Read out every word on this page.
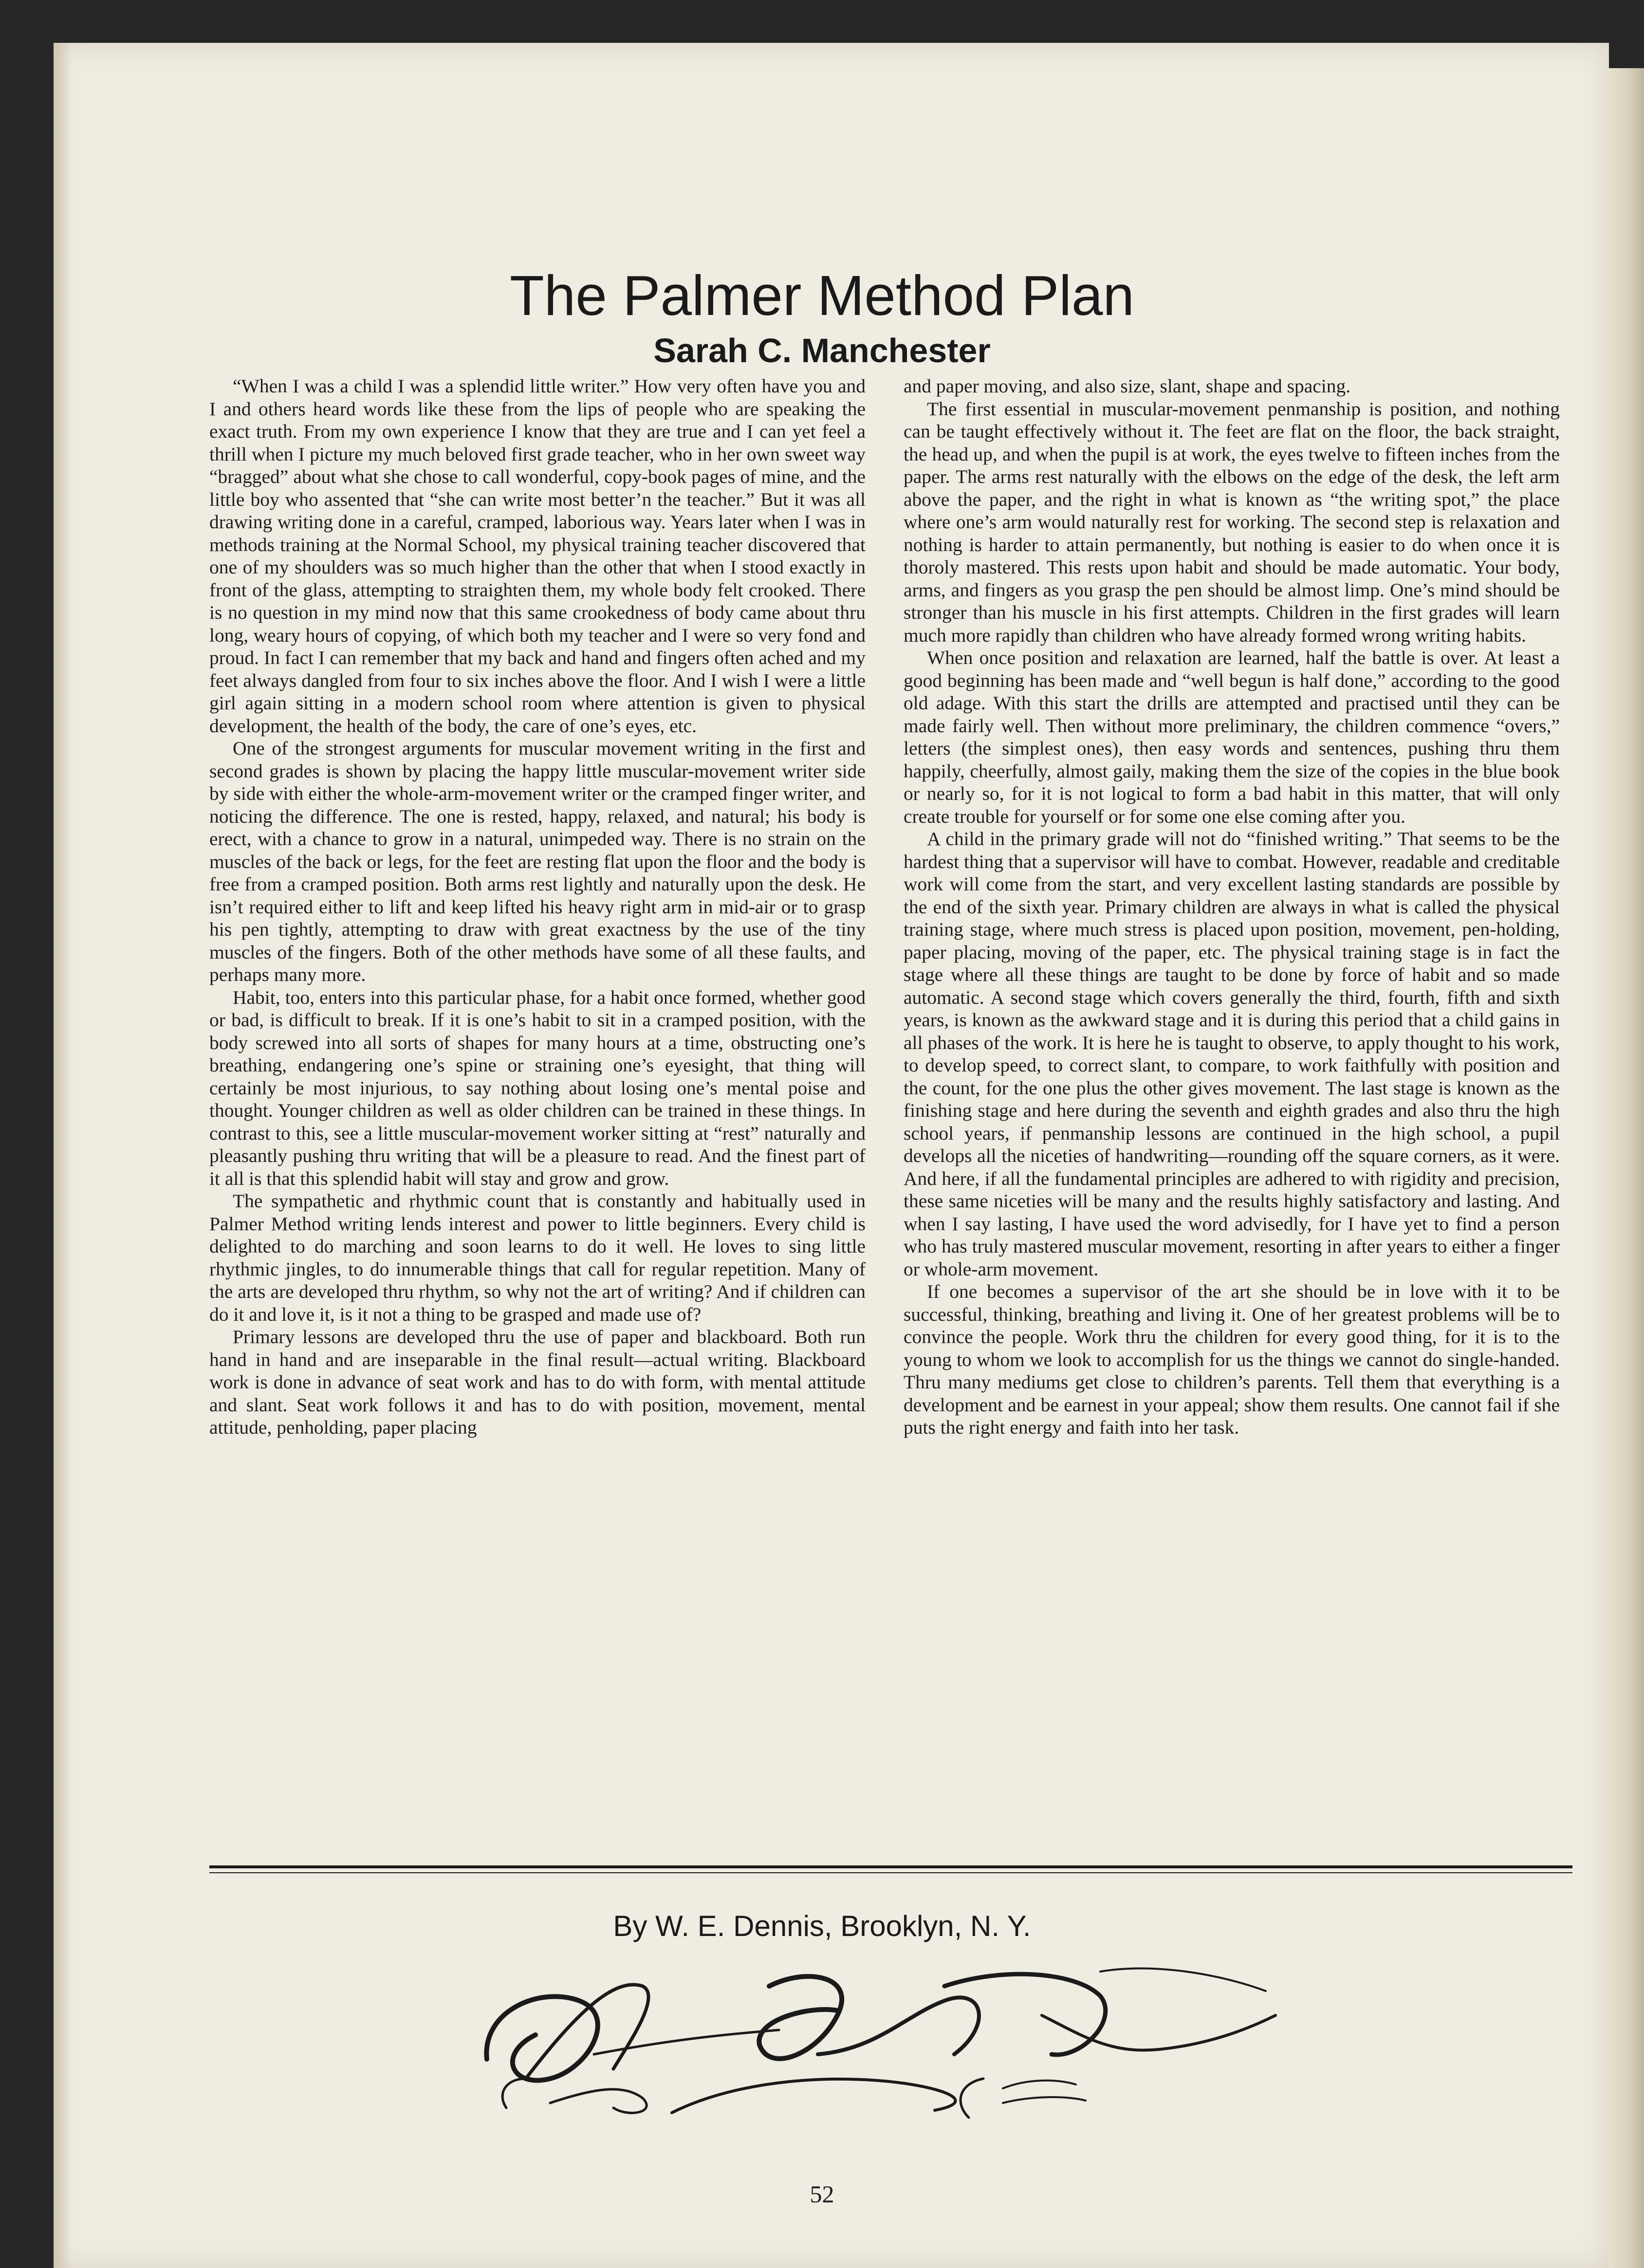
The Palmer Method Plan
Sarah C. Manchester

“When I was a child I was a splendid little writer.” How very often have you and I and others heard words like these from the lips of people who are speaking the exact truth. From my own experience I know that they are true and I can yet feel a thrill when I picture my much beloved first grade teacher, who in her own sweet way “bragged” about what she chose to call wonderful, copy-book pages of mine, and the little boy who assented that “she can write most better’n the teacher.” But it was all drawing writing done in a careful, cramped, laborious way. Years later when I was in methods training at the Normal School, my physical training teacher discovered that one of my shoulders was so much higher than the other that when I stood exactly in front of the glass, attempting to straighten them, my whole body felt crooked. There is no question in my mind now that this same crookedness of body came about thru long, weary hours of copying, of which both my teacher and I were so very fond and proud. In fact I can remember that my back and hand and fingers often ached and my feet always dangled from four to six inches above the floor. And I wish I were a little girl again sitting in a modern school room where attention is given to physical development, the health of the body, the care of one’s eyes, etc.

One of the strongest arguments for muscular movement writing in the first and second grades is shown by placing the happy little muscular-movement writer side by side with either the whole-arm-movement writer or the cramped finger writer, and noticing the difference. The one is rested, happy, relaxed, and natural; his body is erect, with a chance to grow in a natural, unimpeded way. There is no strain on the muscles of the back or legs, for the feet are resting flat upon the floor and the body is free from a cramped position. Both arms rest lightly and naturally upon the desk. He isn’t required either to lift and keep lifted his heavy right arm in mid-air or to grasp his pen tightly, attempting to draw with great exactness by the use of the tiny muscles of the fingers. Both of the other methods have some of all these faults, and perhaps many more.

Habit, too, enters into this particular phase, for a habit once formed, whether good or bad, is difficult to break. If it is one’s habit to sit in a cramped position, with the body screwed into all sorts of shapes for many hours at a time, obstructing one’s breathing, endangering one’s spine or straining one’s eyesight, that thing will certainly be most injurious, to say nothing about losing one’s mental poise and thought. Younger children as well as older children can be trained in these things. In contrast to this, see a little muscular-movement worker sitting at “rest” naturally and pleasantly pushing thru writing that will be a pleasure to read. And the finest part of it all is that this splendid habit will stay and grow and grow.

The sympathetic and rhythmic count that is constantly and habitually used in Palmer Method writing lends interest and power to little beginners. Every child is delighted to do marching and soon learns to do it well. He loves to sing little rhythmic jingles, to do innumerable things that call for regular repetition. Many of the arts are developed thru rhythm, so why not the art of writing? And if children can do it and love it, is it not a thing to be grasped and made use of?

Primary lessons are developed thru the use of paper and blackboard. Both run hand in hand and are inseparable in the final result—actual writing. Blackboard work is done in advance of seat work and has to do with form, with mental attitude and slant. Seat work follows it and has to do with position, movement, mental attitude, penholding, paper placing

and paper moving, and also size, slant, shape and spacing.

The first essential in muscular-movement penmanship is position, and nothing can be taught effectively without it. The feet are flat on the floor, the back straight, the head up, and when the pupil is at work, the eyes twelve to fifteen inches from the paper. The arms rest naturally with the elbows on the edge of the desk, the left arm above the paper, and the right in what is known as “the writing spot,” the place where one’s arm would naturally rest for working. The second step is relaxation and nothing is harder to attain permanently, but nothing is easier to do when once it is thoroly mastered. This rests upon habit and should be made automatic. Your body, arms, and fingers as you grasp the pen should be almost limp. One’s mind should be stronger than his muscle in his first attempts. Children in the first grades will learn much more rapidly than children who have already formed wrong writing habits.

When once position and relaxation are learned, half the battle is over. At least a good beginning has been made and “well begun is half done,” according to the good old adage. With this start the drills are attempted and practised until they can be made fairly well. Then without more preliminary, the children commence “overs,” letters (the simplest ones), then easy words and sentences, pushing thru them happily, cheerfully, almost gaily, making them the size of the copies in the blue book or nearly so, for it is not logical to form a bad habit in this matter, that will only create trouble for yourself or for some one else coming after you.

A child in the primary grade will not do “finished writing.” That seems to be the hardest thing that a supervisor will have to combat. However, readable and creditable work will come from the start, and very excellent lasting standards are possible by the end of the sixth year. Primary children are always in what is called the physical training stage, where much stress is placed upon position, movement, pen-holding, paper placing, moving of the paper, etc. The physical training stage is in fact the stage where all these things are taught to be done by force of habit and so made automatic. A second stage which covers generally the third, fourth, fifth and sixth years, is known as the awkward stage and it is during this period that a child gains in all phases of the work. It is here he is taught to observe, to apply thought to his work, to develop speed, to correct slant, to compare, to work faithfully with position and the count, for the one plus the other gives movement. The last stage is known as the finishing stage and here during the seventh and eighth grades and also thru the high school years, if penmanship lessons are continued in the high school, a pupil develops all the niceties of handwriting—rounding off the square corners, as it were. And here, if all the fundamental principles are adhered to with rigidity and precision, these same niceties will be many and the results highly satisfactory and lasting. And when I say lasting, I have used the word advisedly, for I have yet to find a person who has truly mastered muscular movement, resorting in after years to either a finger or whole-arm movement.

If one becomes a supervisor of the art she should be in love with it to be successful, thinking, breathing and living it. One of her greatest problems will be to convince the people. Work thru the children for every good thing, for it is to the young to whom we look to accomplish for us the things we cannot do single-handed. Thru many mediums get close to children’s parents. Tell them that everything is a development and be earnest in your appeal; show them results. One cannot fail if she puts the right energy and faith into her task.

By W. E. Dennis, Brooklyn, N. Y.

Off-Hand Flourishing
52
